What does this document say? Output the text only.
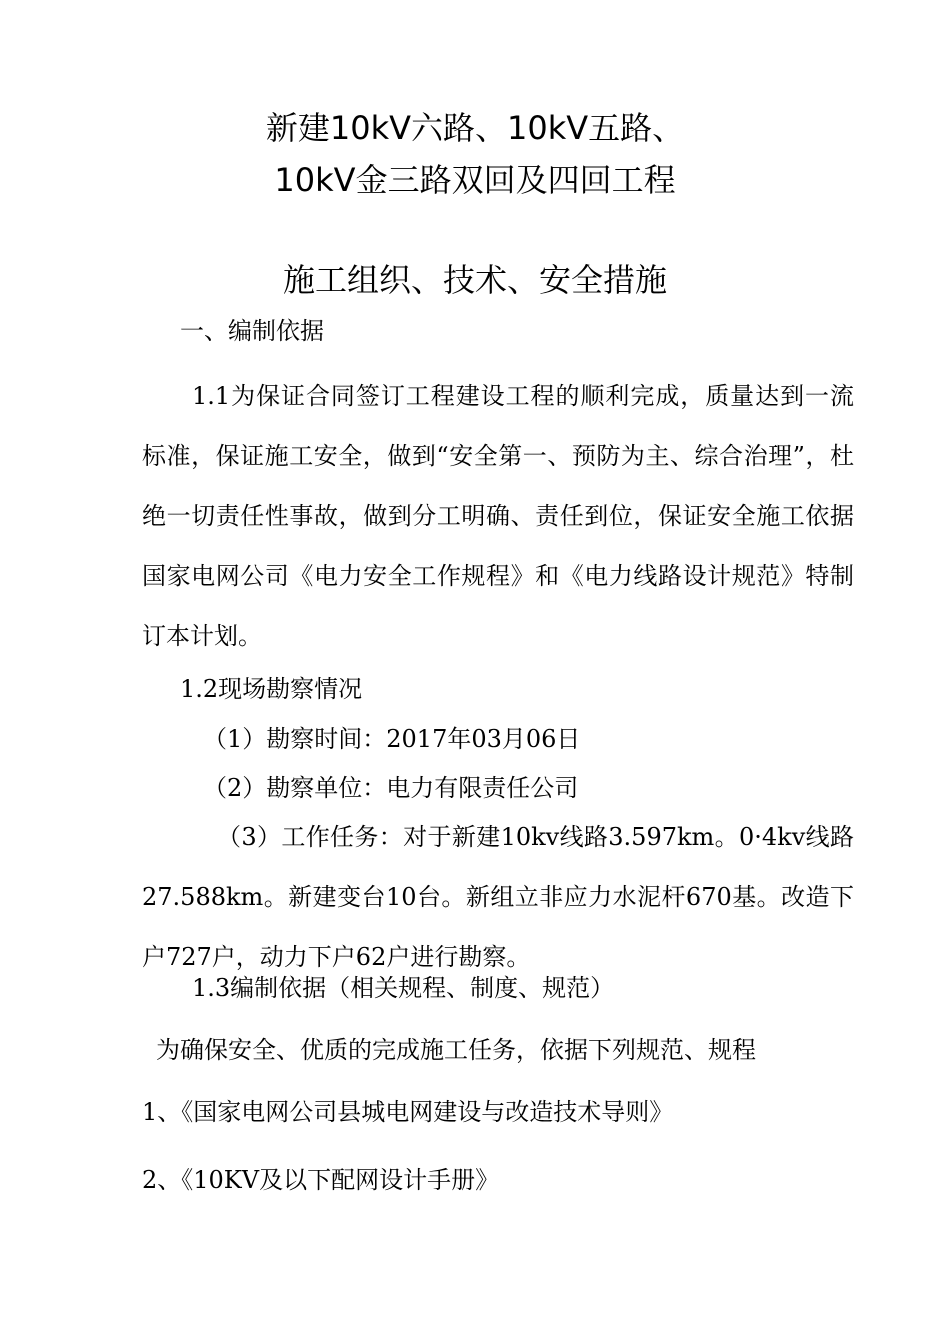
新建10kV六路、10kV五路、
10kV金三路双回及四回工程
施工组织、技术、安全措施

一、编制依据

1.1为保证合同签订工程建设工程的顺利完成，质量达到一流标准，保证施工安全，做到“安全第一、预防为主、综合治理”，杜绝一切责任性事故，做到分工明确、责任到位，保证安全施工依据国家电网公司《电力安全工作规程》和《电力线路设计规范》特制订本计划。

1.2现场勘察情况

（1）勘察时间：2017年03月06日

（2）勘察单位：电力有限责任公司

（3）工作任务：对于新建10kv线路3.597km。0·4kv线路27.588km。新建变台10台。新组立非应力水泥杆670基。改造下户727户，动力下户62户进行勘察。

1.3编制依据（相关规程、制度、规范）

为确保安全、优质的完成施工任务，依据下列规范、规程

1、《国家电网公司县城电网建设与改造技术导则》

2、《10KV及以下配网设计手册》
